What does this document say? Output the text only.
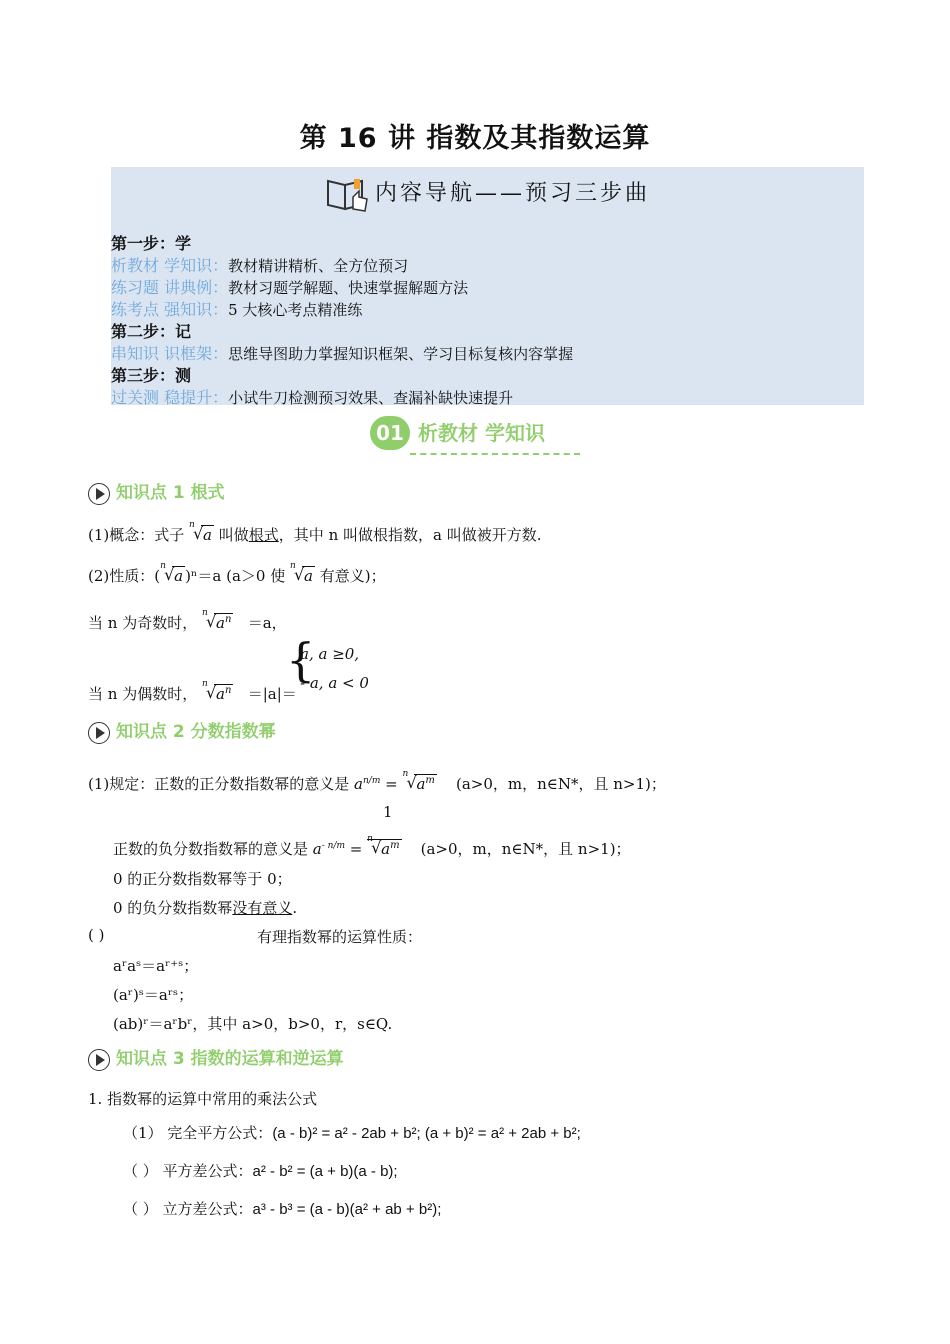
第 16 讲 指数及其指数运算
内容导航——预习三步曲
第一步：学
析教材 学知识：教材精讲精析、全方位预习
练习题 讲典例：教材习题学解题、快速掌握解题方法
练考点 强知识：5 大核心考点精准练
第二步：记
串知识 识框架：思维导图助力掌握知识框架、学习目标复核内容掌握
第三步：测
过关测 稳提升：小试牛刀检测预习效果、查漏补缺快速提升
01 析教材 学知识
知识点 1 根式
(1)概念：式子
n
√ a 叫做根式，其中 n 叫做根指数，a 叫做被开方数.
(2)性质：(
n
√ a )ⁿ＝a (a＞0 使
n
√ a 有意义)；
当 n 为奇数时，
n
√ $a^n =a$，
当 n 为偶数时，
n
√ $a^n =|a|=$
{
a, a ≥0,
- a, a < 0
知识点 2 分数指数幂
(1)规定：正数的正分数指数幂的意义是 $a^{n/m}$ =
n
√ $a^m$ (a>0，m，n∈N*，且 n>1)；
1
正数的负分数指数幂的意义是 $a^{- n/m}$ =
n
√ $a^m$ (a>0，m，n∈N*，且 n>1)；
0 的正分数指数幂等于 0；
0 的负分数指数幂没有意义.
( )	有理指数幂的运算性质：
aʳaˢ＝aʳ⁺ˢ；
(aʳ)ˢ＝aʳˢ；
(ab)ʳ＝aʳbʳ，其中 a>0，b>0，r，s∈Q.
知识点 3 指数的运算和逆运算
1. 指数幂的运算中常用的乘法公式
（1） 完全平方公式：(a - b)² = a² - 2ab + b²; (a + b)² = a² + 2ab + b²;
（ ） 平方差公式：a² - b² = (a + b)(a - b);
（ ） 立方差公式：a³ - b³ = (a - b)(a² + ab + b²);
